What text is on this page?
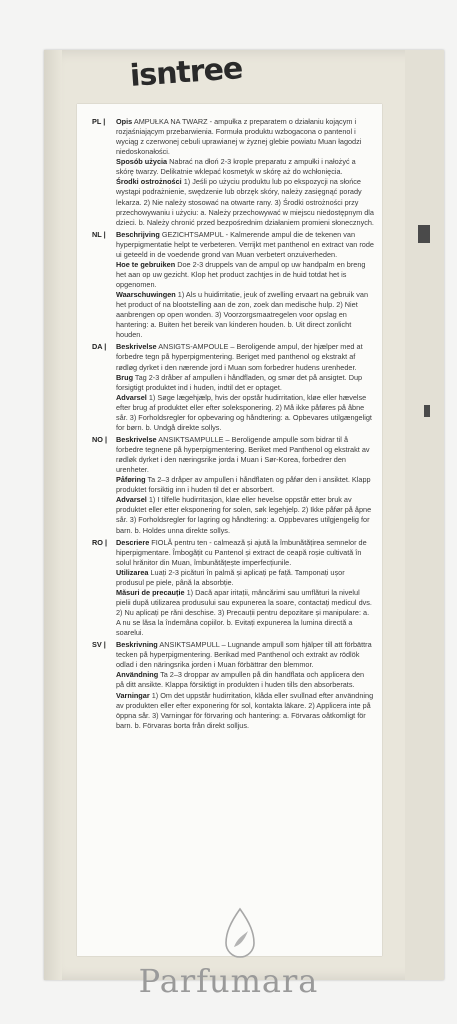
isntree
PL |	Opis AMPUŁKA NA TWARZ - ampułka z preparatem o działaniu kojącym i rozjaśniającym przebarwienia. Formuła produktu wzbogacona o pantenol i wyciąg z czerwonej cebuli uprawianej w żyznej glebie powiatu Muan łagodzi niedoskonałości.

Sposób użycia Nabrać na dłoń 2-3 krople preparatu z ampułki i nałożyć a skórę twarzy. Delikatnie wklepać kosmetyk w skórę aż do wchłonięcia.

Środki ostrożności 1) Jeśli po użyciu produktu lub po ekspozycji na słońce wystąpi podrażnienie, swędzenie lub obrzęk skóry, należy zasięgnąć porady lekarza. 2) Nie należy stosować na otwarte rany. 3) Środki ostrożności przy przechowywaniu i użyciu: a. Należy przechowywać w miejscu niedostępnym dla dzieci. b. Należy chronić przed bezpośrednim działaniem promieni słonecznych.

NL |	Beschrijving GEZICHTSAMPUL - Kalmerende ampul die de tekenen van hyperpigmentatie helpt te verbeteren. Verrijkt met panthenol en extract van rode ui geteeld in de voedende grond van Muan verbetert onzuiverheden.

Hoe te gebruiken Doe 2-3 druppels van de ampul op uw handpalm en breng het aan op uw gezicht. Klop het product zachtjes in de huid totdat het is opgenomen.

Waarschuwingen 1) Als u huidirritatie, jeuk of zwelling ervaart na gebruik van het product of na blootstelling aan de zon, zoek dan medische hulp. 2) Niet aanbrengen op open wonden. 3) Voorzorgsmaatregelen voor opslag en hantering: a. Buiten het bereik van kinderen houden. b. Uit direct zonlicht houden.

DA |	Beskrivelse ANSIGTS-AMPOULE – Beroligende ampul, der hjælper med at forbedre tegn på hyperpigmentering. Beriget med panthenol og ekstrakt af rødløg dyrket i den nærende jord i Muan som forbedrer hudens urenheder.

Brug Tag 2-3 dråber af ampullen i håndfladen, og smør det på ansigtet. Dup forsigtigt produktet ind i huden, indtil det er optaget.

Advarsel 1) Søge lægehjælp, hvis der opstår hudirritation, kløe eller hævelse efter brug af produktet eller efter soleksponering. 2) Må ikke påføres på åbne sår. 3) Forholdsregler for opbevaring og håndtering: a. Opbevares utilgængeligt for børn. b. Undgå direkte sollys.

NO |	Beskrivelse ANSIKTSAMPULLE – Beroligende ampulle som bidrar til å forbedre tegnene på hyperpigmentering. Beriket med Panthenol og ekstrakt av rødløk dyrket i den næringsrike jorda i Muan i Sør-Korea, forbedrer den urenheter.

Påføring Ta 2–3 dråper av ampullen i håndflaten og påfør den i ansiktet. Klapp produktet forsiktig inn i huden til det er absorbert.

Advarsel 1) I tilfelle hudirritasjon, kløe eller hevelse oppstår etter bruk av produktet eller etter eksponering for solen, søk legehjelp. 2) Ikke påfør på åpne sår. 3) Forholdsregler for lagring og håndtering: a. Oppbevares utilgjengelig for barn. b. Holdes unna direkte sollys.

RO |	Descriere FIOLĂ pentru ten - calmează și ajută la îmbunătățirea semnelor de hiperpigmentare. Îmbogățit cu Pantenol și extract de ceapă roșie cultivată în solul hrănitor din Muan, îmbunătățește imperfecțiunile.

Utilizarea Luați 2-3 picături în palmă și aplicați pe față. Tamponați ușor produsul pe piele, până la absorbție.

Măsuri de precauție 1) Dacă apar iritații, mâncărimi sau umflături la nivelul pielii după utilizarea produsului sau expunerea la soare, contactați medicul dvs. 2) Nu aplicați pe răni deschise. 3) Precauții pentru depozitare și manipulare: a. A nu se lăsa la îndemâna copiilor. b. Evitați expunerea la lumina directă a soarelui.

SV |	Beskrivning ANSIKTSAMPULL – Lugnande ampull som hjälper till att förbättra tecken på hyperpigmentering. Berikad med Panthenol och extrakt av rödlök odlad i den näringsrika jorden i Muan förbättrar den blemmor.

Användning Ta 2–3 droppar av ampullen på din handflata och applicera den på ditt ansikte. Klappa försiktigt in produkten i huden tills den absorberats.

Varningar 1) Om det uppstår hudirritation, klåda eller svullnad efter användning av produkten eller efter exponering för sol, kontakta läkare. 2) Applicera inte på öppna sår. 3) Varningar för förvaring och hantering: a. Förvaras oåtkomligt för barn. b. Förvaras borta från direkt solljus.

Parfumara
